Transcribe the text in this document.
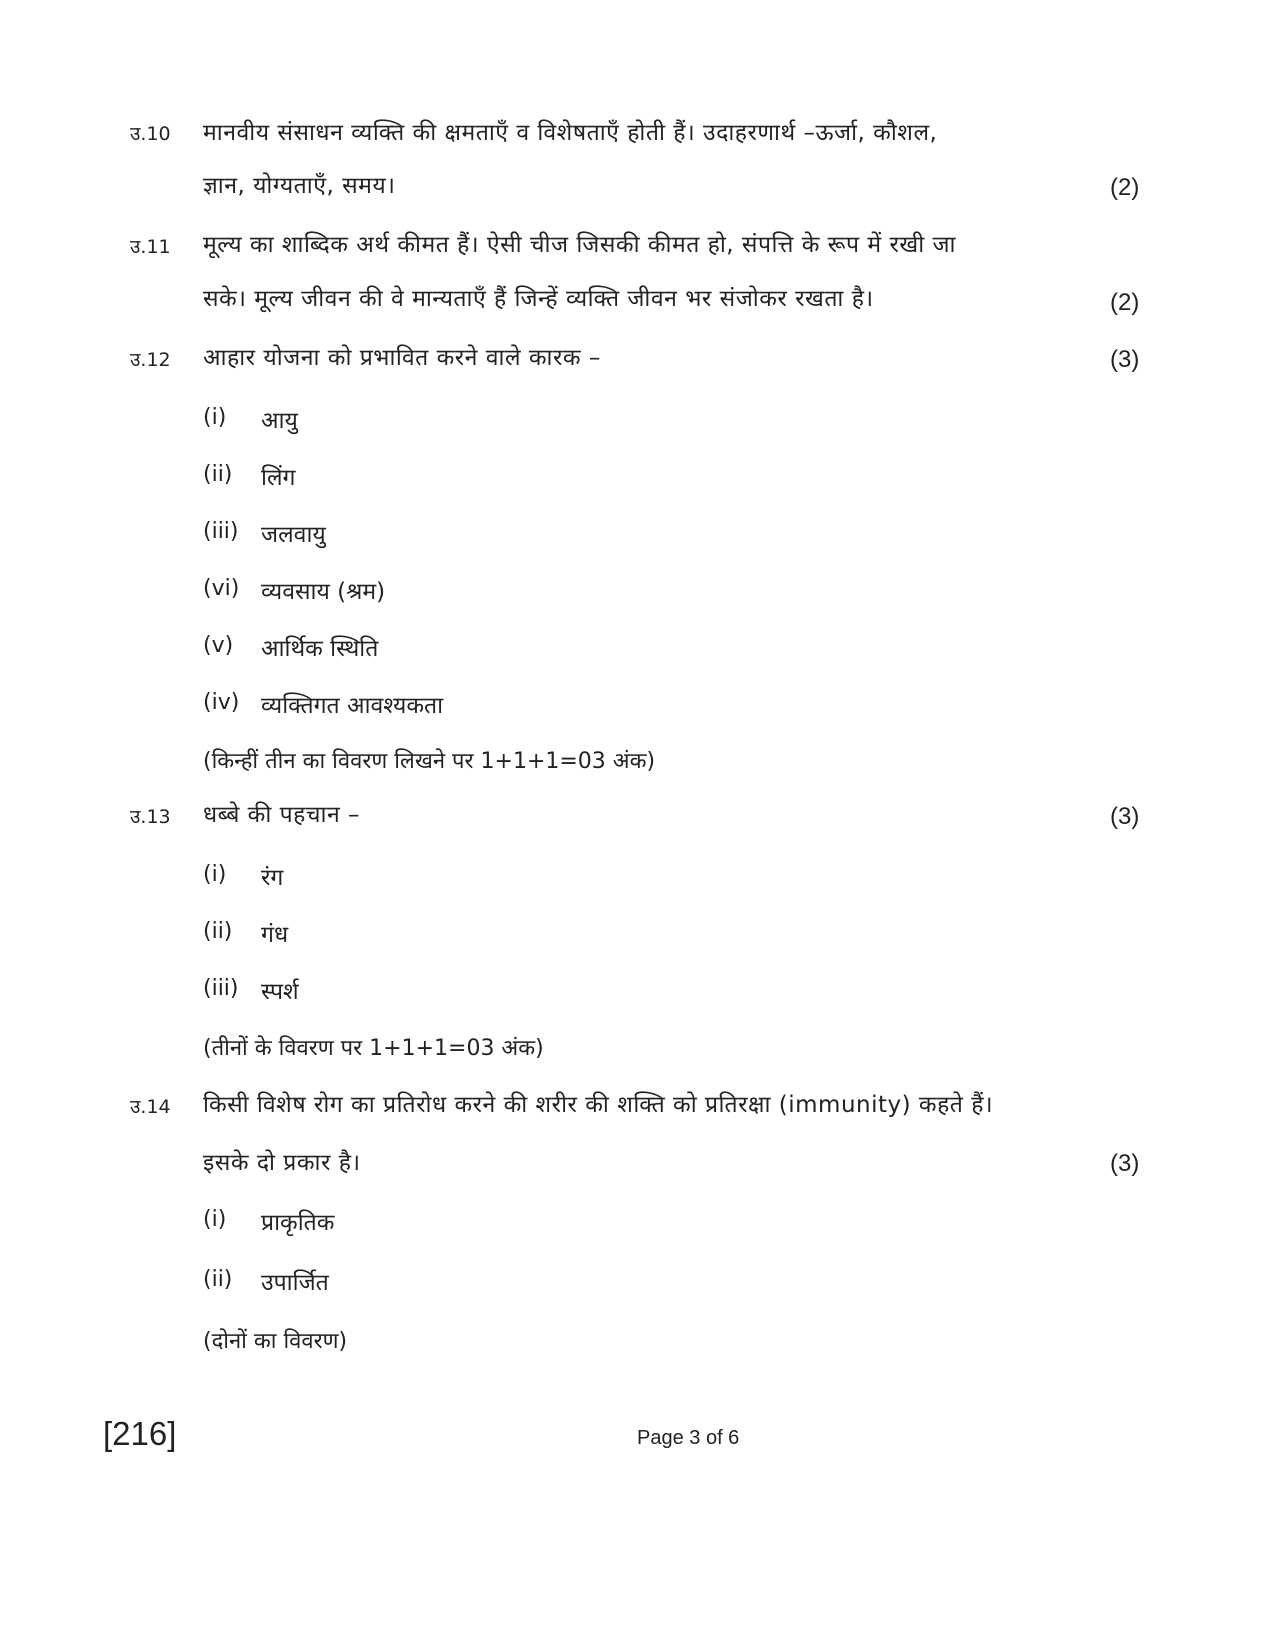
उ.10 मानवीय संसाधन व्यक्ति की क्षमताएँ व विशेषताएँ होती हैं। उदाहरणार्थ –ऊर्जा, कौशल,
ज्ञान, योग्यताएँ, समय।	(2)
उ.11 मूल्य का शाब्दिक अर्थ कीमत हैं। ऐसी चीज जिसकी कीमत हो, संपत्ति के रूप में रखी जा
सके। मूल्य जीवन की वे मान्यताएँ हैं जिन्हें व्यक्ति जीवन भर संजोकर रखता है।	(2)
उ.12 आहार योजना को प्रभावित करने वाले कारक –	(3)
(i) आयु
(ii) लिंग
(iii) जलवायु
(vi) व्यवसाय (श्रम)
(v) आर्थिक स्थिति
(iv) व्यक्तिगत आवश्यकता
(किन्हीं तीन का विवरण लिखने पर 1+1+1=03 अंक)
उ.13 धब्बे की पहचान –	(3)
(i) रंग
(ii) गंध
(iii) स्पर्श
(तीनों के विवरण पर 1+1+1=03 अंक)
उ.14 किसी विशेष रोग का प्रतिरोध करने की शरीर की शक्ति को प्रतिरक्षा (immunity) कहते हैं।
इसके दो प्रकार है।	(3)
(i) प्राकृतिक
(ii) उपार्जित
(दोनों का विवरण)
[216]	Page 3 of 6
